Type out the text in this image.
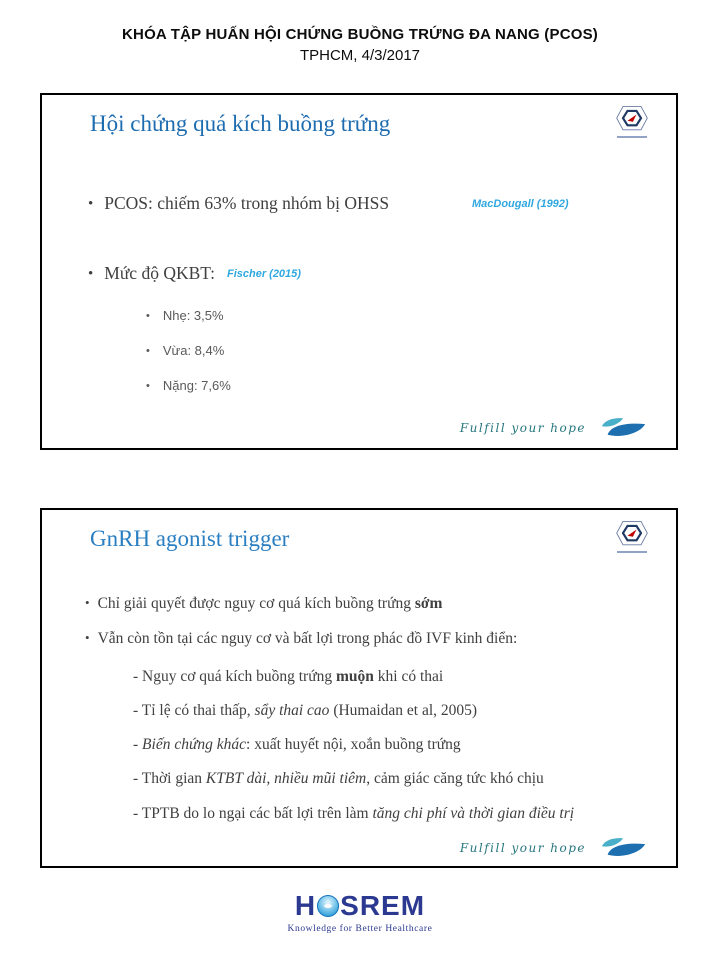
KHÓA TẬP HUẤN HỘI CHỨNG BUỒNG TRỨNG ĐA NANG (PCOS)
TPHCM, 4/3/2017
Hội chứng quá kích buồng trứng
• PCOS: chiếm 63% trong nhóm bị OHSS	MacDougall (1992)
• Mức độ QKBT: Fischer (2015)
• Nhẹ: 3,5%
• Vừa: 8,4%
• Nặng: 7,6%
Fulfill your hope
GnRH agonist trigger
• Chỉ giải quyết được nguy cơ quá kích buồng trứng sớm
• Vẫn còn tồn tại các nguy cơ và bất lợi trong phác đồ IVF kinh điển:
- Nguy cơ quá kích buồng trứng muộn khi có thai
- Tỉ lệ có thai thấp, sẩy thai cao (Humaidan et al, 2005)
- Biến chứng khác: xuất huyết nội, xoắn buồng trứng
- Thời gian KTBT dài, nhiều mũi tiêm, cảm giác căng tức khó chịu
- TPTB do lo ngại các bất lợi trên làm tăng chi phí và thời gian điều trị
Fulfill your hope
H SREM
Knowledge for Better Healthcare
